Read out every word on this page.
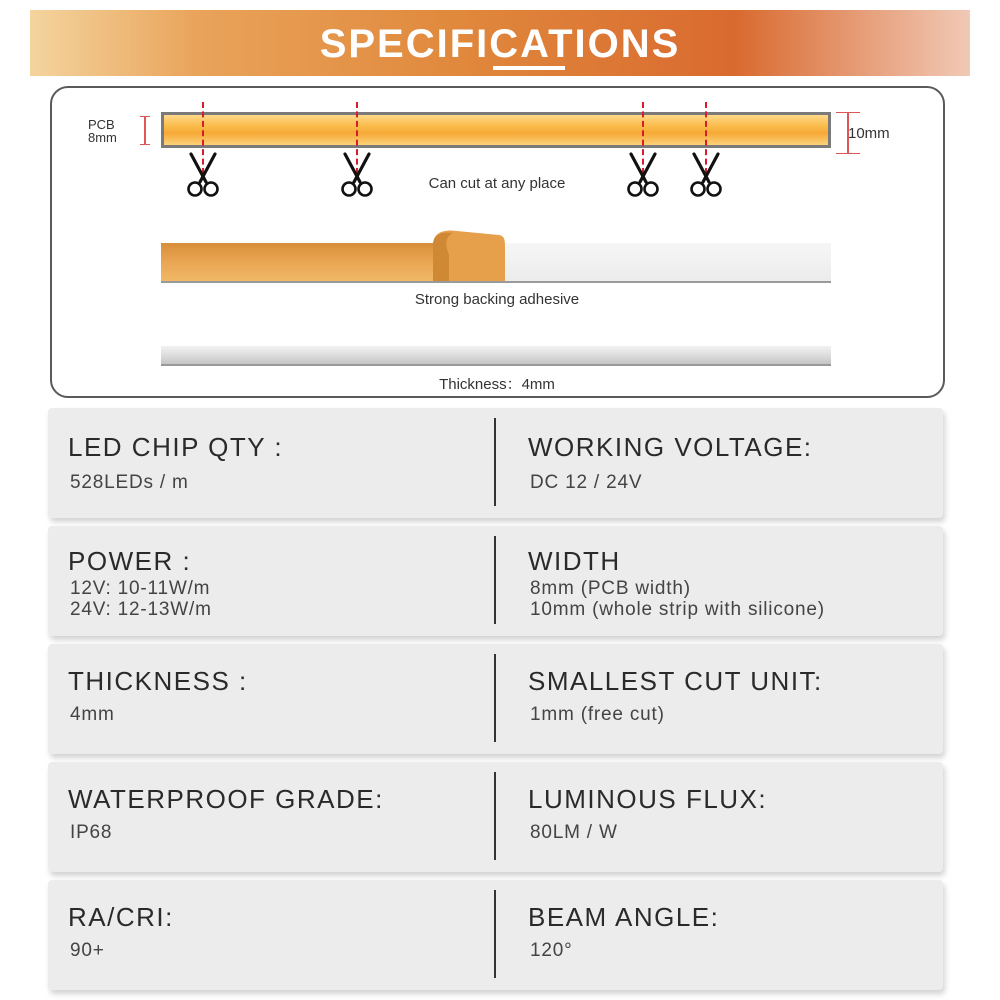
SPECIFICATIONS
PCB
8mm	10mm
Can cut at any place
Strong backing adhesive
Thickness：4mm
LED CHIP QTY :
528LEDs / m
WORKING VOLTAGE:
DC 12 / 24V
POWER :
12V: 10-11W/m
24V: 12-13W/m
WIDTH
8mm (PCB width)
10mm (whole strip with silicone)
THICKNESS :
4mm
SMALLEST CUT UNIT:
1mm (free cut)
WATERPROOF GRADE:
IP68
LUMINOUS FLUX:
80LM / W
RA/CRI:
90+
BEAM ANGLE:
120°
